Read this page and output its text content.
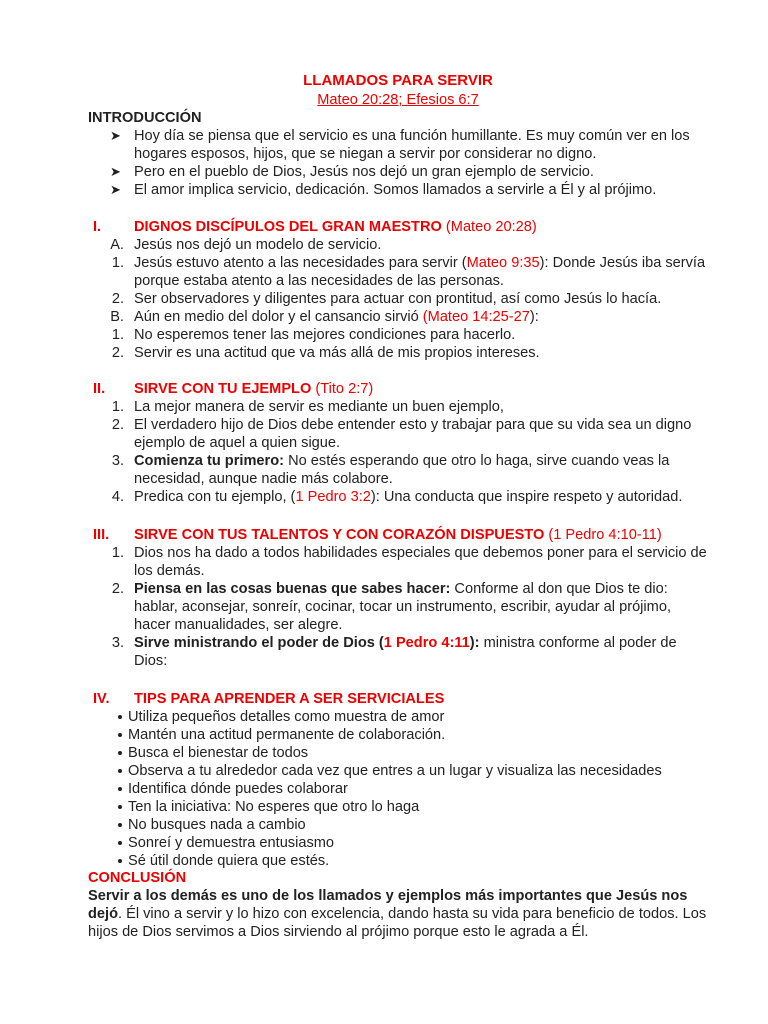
LLAMADOS PARA SERVIR
Mateo 20:28; Efesios 6:7
INTRODUCCIÓN
➤ Hoy día se piensa que el servicio es una función humillante. Es muy común ver en los hogares esposos, hijos, que se niegan a servir por considerar no digno.
➤ Pero en el pueblo de Dios, Jesús nos dejó un gran ejemplo de servicio.
➤ El amor implica servicio, dedicación. Somos llamados a servirle a Él y al prójimo.
I. DIGNOS DISCÍPULOS DEL GRAN MAESTRO (Mateo 20:28)
A. Jesús nos dejó un modelo de servicio.
1. Jesús estuvo atento a las necesidades para servir (Mateo 9:35): Donde Jesús iba servía porque estaba atento a las necesidades de las personas.
2. Ser observadores y diligentes para actuar con prontitud, así como Jesús lo hacía.
B. Aún en medio del dolor y el cansancio sirvió (Mateo 14:25-27):
1. No esperemos tener las mejores condiciones para hacerlo.
2. Servir es una actitud que va más allá de mis propios intereses.
II. SIRVE CON TU EJEMPLO (Tito 2:7)
1. La mejor manera de servir es mediante un buen ejemplo,
2. El verdadero hijo de Dios debe entender esto y trabajar para que su vida sea un digno ejemplo de aquel a quien sigue.
3. Comienza tu primero: No estés esperando que otro lo haga, sirve cuando veas la necesidad, aunque nadie más colabore.
4. Predica con tu ejemplo, (1 Pedro 3:2): Una conducta que inspire respeto y autoridad.
III. SIRVE CON TUS TALENTOS Y CON CORAZÓN DISPUESTO (1 Pedro 4:10-11)
1. Dios nos ha dado a todos habilidades especiales que debemos poner para el servicio de los demás.
2. Piensa en las cosas buenas que sabes hacer: Conforme al don que Dios te dio: hablar, aconsejar, sonreír, cocinar, tocar un instrumento, escribir, ayudar al prójimo, hacer manualidades, ser alegre.
3. Sirve ministrando el poder de Dios (1 Pedro 4:11): ministra conforme al poder de Dios:
IV. TIPS PARA APRENDER A SER SERVICIALES
Utiliza pequeños detalles como muestra de amor
Mantén una actitud permanente de colaboración.
Busca el bienestar de todos
Observa a tu alrededor cada vez que entres a un lugar y visualiza las necesidades
Identifica dónde puedes colaborar
Ten la iniciativa: No esperes que otro lo haga
No busques nada a cambio
Sonreí y demuestra entusiasmo
Sé útil donde quiera que estés.
CONCLUSIÓN
Servir a los demás es uno de los llamados y ejemplos más importantes que Jesús nos dejó. Él vino a servir y lo hizo con excelencia, dando hasta su vida para beneficio de todos. Los hijos de Dios servimos a Dios sirviendo al prójimo porque esto le agrada a Él.
